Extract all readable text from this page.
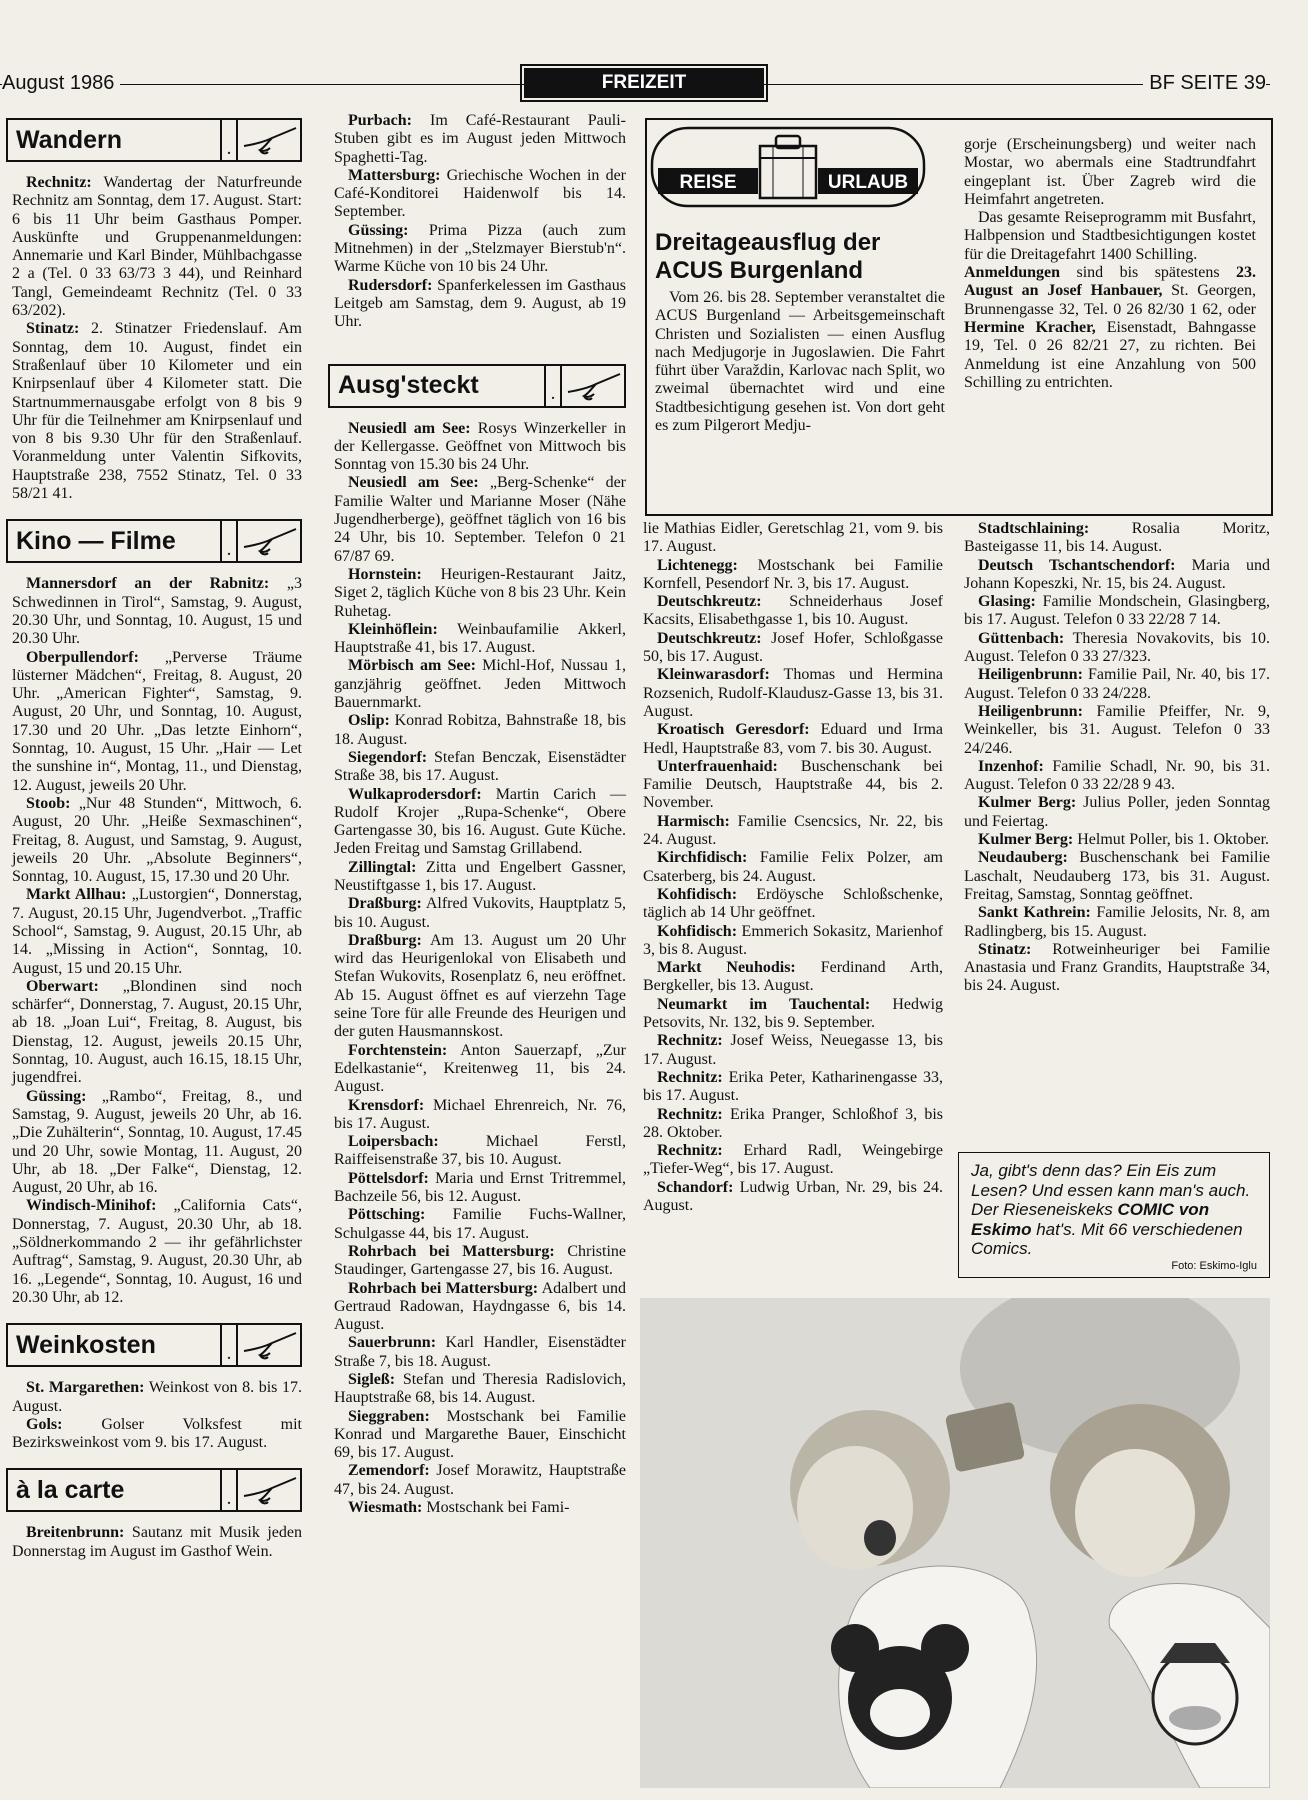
August 1986	FREIZEIT	BF SEITE 39
Wandern	.

Rechnitz: Wandertag der Naturfreunde Rechnitz am Sonntag, dem 17. August. Start: 6 bis 11 Uhr beim Gasthaus Pomper. Auskünfte und Gruppenanmeldungen: Annemarie und Karl Binder, Mühlbachgasse 2 a (Tel. 0 33 63/73 3 44), und Reinhard Tangl, Gemeindeamt Rechnitz (Tel. 0 33 63/202).

Stinatz: 2. Stinatzer Friedenslauf. Am Sonntag, dem 10. August, findet ein Straßenlauf über 10 Kilometer und ein Knirpsenlauf über 4 Kilometer statt. Die Startnummernausgabe erfolgt von 8 bis 9 Uhr für die Teilnehmer am Knirpsenlauf und von 8 bis 9.30 Uhr für den Straßenlauf. Voranmeldung unter Valentin Sifkovits, Hauptstraße 238, 7552 Stinatz, Tel. 0 33 58/21 41.

Kino — Filme	.

Mannersdorf an der Rabnitz: „3 Schwedinnen in Tirol“, Samstag, 9. August, 20.30 Uhr, und Sonntag, 10. August, 15 und 20.30 Uhr.

Oberpullendorf: „Perverse Träume lüsterner Mädchen“, Freitag, 8. August, 20 Uhr. „American Fighter“, Samstag, 9. August, 20 Uhr, und Sonntag, 10. August, 17.30 und 20 Uhr. „Das letzte Einhorn“, Sonntag, 10. August, 15 Uhr. „Hair — Let the sunshine in“, Montag, 11., und Dienstag, 12. August, jeweils 20 Uhr.

Stoob: „Nur 48 Stunden“, Mittwoch, 6. August, 20 Uhr. „Heiße Sexmaschinen“, Freitag, 8. August, und Samstag, 9. August, jeweils 20 Uhr. „Absolute Beginners“, Sonntag, 10. August, 15, 17.30 und 20 Uhr.

Markt Allhau: „Lustorgien“, Donnerstag, 7. August, 20.15 Uhr, Jugendverbot. „Traffic School“, Samstag, 9. August, 20.15 Uhr, ab 14. „Missing in Action“, Sonntag, 10. August, 15 und 20.15 Uhr.

Oberwart: „Blondinen sind noch schärfer“, Donnerstag, 7. August, 20.15 Uhr, ab 18. „Joan Lui“, Freitag, 8. August, bis Dienstag, 12. August, jeweils 20.15 Uhr, Sonntag, 10. August, auch 16.15, 18.15 Uhr, jugendfrei.

Güssing: „Rambo“, Freitag, 8., und Samstag, 9. August, jeweils 20 Uhr, ab 16. „Die Zuhälterin“, Sonntag, 10. August, 17.45 und 20 Uhr, sowie Montag, 11. August, 20 Uhr, ab 18. „Der Falke“, Dienstag, 12. August, 20 Uhr, ab 16.

Windisch-Minihof: „California Cats“, Donnerstag, 7. August, 20.30 Uhr, ab 18. „Söldnerkommando 2 — ihr gefährlichster Auftrag“, Samstag, 9. August, 20.30 Uhr, ab 16. „Legende“, Sonntag, 10. August, 16 und 20.30 Uhr, ab 12.

Weinkosten	.

St. Margarethen: Weinkost von 8. bis 17. August.

Gols: Golser Volksfest mit Bezirksweinkost vom 9. bis 17. August.

à la carte	.

Breitenbrunn: Sautanz mit Musik jeden Donnerstag im August im Gasthof Wein.

Purbach: Im Café-Restaurant Pauli-Stuben gibt es im August jeden Mittwoch Spaghetti-Tag.

Mattersburg: Griechische Wochen in der Café-Konditorei Haidenwolf bis 14. September.

Güssing: Prima Pizza (auch zum Mitnehmen) in der „Stelzmayer Bierstub'n“. Warme Küche von 10 bis 24 Uhr.

Rudersdorf: Spanferkelessen im Gasthaus Leitgeb am Samstag, dem 9. August, ab 19 Uhr.

Ausg'steckt	.

Neusiedl am See: Rosys Winzerkeller in der Kellergasse. Geöffnet von Mittwoch bis Sonntag von 15.30 bis 24 Uhr.

Neusiedl am See: „Berg-Schenke“ der Familie Walter und Marianne Moser (Nähe Jugendherberge), geöffnet täglich von 16 bis 24 Uhr, bis 10. September. Telefon 0 21 67/87 69.

Hornstein: Heurigen-Restaurant Jaitz, Siget 2, täglich Küche von 8 bis 23 Uhr. Kein Ruhetag.

Kleinhöflein: Weinbaufamilie Akkerl, Hauptstraße 41, bis 17. August.

Mörbisch am See: Michl-Hof, Nussau 1, ganzjährig geöffnet. Jeden Mittwoch Bauernmarkt.

Oslip: Konrad Robitza, Bahnstraße 18, bis 18. August.

Siegendorf: Stefan Benczak, Eisenstädter Straße 38, bis 17. August.

Wulkaprodersdorf: Martin Carich — Rudolf Krojer „Rupa-Schenke“, Obere Gartengasse 30, bis 16. August. Gute Küche. Jeden Freitag und Samstag Grillabend.

Zillingtal: Zitta und Engelbert Gassner, Neustiftgasse 1, bis 17. August.

Draßburg: Alfred Vukovits, Hauptplatz 5, bis 10. August.

Draßburg: Am 13. August um 20 Uhr wird das Heurigenlokal von Elisabeth und Stefan Wukovits, Rosenplatz 6, neu eröffnet. Ab 15. August öffnet es auf vierzehn Tage seine Tore für alle Freunde des Heurigen und der guten Hausmannskost.

Forchtenstein: Anton Sauerzapf, „Zur Edelkastanie“, Kreitenweg 11, bis 24. August.

Krensdorf: Michael Ehrenreich, Nr. 76, bis 17. August.

Loipersbach:	Michael Ferstl, Raiffeisenstraße 37, bis 10. August.

Pöttelsdorf: Maria und Ernst Tritremmel, Bachzeile 56, bis 12. August.

Pöttsching: Familie Fuchs-Wallner, Schulgasse 44, bis 17. August.

Rohrbach bei Mattersburg: Christine Staudinger, Gartengasse 27, bis 16. August.

Rohrbach bei Mattersburg: Adalbert und Gertraud Radowan, Haydngasse 6, bis 14. August.

Sauerbrunn: Karl Handler, Eisenstädter Straße 7, bis 18. August.

Sigleß: Stefan und Theresia Radislovich, Hauptstraße 68, bis 14. August.

Sieggraben: Mostschank bei Familie Konrad und Margarethe Bauer, Einschicht 69, bis 17. August.

Zemendorf: Josef Morawitz, Hauptstraße 47, bis 24. August.

Wiesmath: Mostschank bei Fami-

REISE	URLAUB
Dreitageausflug der ACUS Burgenland

Vom 26. bis 28. September veranstaltet die ACUS Burgenland — Arbeitsgemeinschaft Christen und Sozialisten — einen Ausflug nach Medjugorje in Jugoslawien. Die Fahrt führt über Varaždin, Karlovac nach Split, wo zweimal übernachtet wird und eine Stadtbesichtigung gesehen ist. Von dort geht es zum Pilgerort Medju-

gorje (Erscheinungsberg) und weiter nach Mostar, wo abermals eine Stadtrundfahrt eingeplant ist. Über Zagreb wird die Heimfahrt angetreten.

Das gesamte Reiseprogramm mit Busfahrt, Halbpension und Stadtbesichtigungen kostet für die Dreitagefahrt 1400 Schilling.

Anmeldungen sind bis spätestens 23. August an Josef Hanbauer, St. Georgen, Brunnengasse 32, Tel. 0 26 82/30 1 62, oder Hermine Kracher, Eisenstadt, Bahngasse 19, Tel. 0 26 82/21 27, zu richten. Bei Anmeldung ist eine Anzahlung von 500 Schilling zu entrichten.

lie Mathias Eidler, Geretschlag 21, vom 9. bis 17. August.

Lichtenegg: Mostschank bei Familie Kornfell, Pesendorf Nr. 3, bis 17. August.

Deutschkreutz: Schneiderhaus Josef Kacsits, Elisabethgasse 1, bis 10. August.

Deutschkreutz: Josef Hofer, Schloßgasse 50, bis 17. August.

Kleinwarasdorf: Thomas und Hermina Rozsenich, Rudolf-Klaudusz-Gasse 13, bis 31. August.

Kroatisch Geresdorf: Eduard und Irma Hedl, Hauptstraße 83, vom 7. bis 30. August.

Unterfrauenhaid: Buschenschank bei Familie Deutsch, Hauptstraße 44, bis 2. November.

Harmisch: Familie Csencsics, Nr. 22, bis 24. August.

Kirchfidisch: Familie Felix Polzer, am Csaterberg, bis 24. August.

Kohfidisch: Erdöysche Schloßschenke, täglich ab 14 Uhr geöffnet.

Kohfidisch: Emmerich Sokasitz, Marienhof 3, bis 8. August.

Markt Neuhodis: Ferdinand Arth, Bergkeller, bis 13. August.

Neumarkt im Tauchental: Hedwig Petsovits, Nr. 132, bis 9. September.

Rechnitz: Josef Weiss, Neuegasse 13, bis 17. August.

Rechnitz: Erika Peter, Katharinengasse 33, bis 17. August.

Rechnitz: Erika Pranger, Schloßhof 3, bis 28. Oktober.

Rechnitz: Erhard Radl, Weingebirge „Tiefer-Weg“, bis 17. August.

Schandorf: Ludwig Urban, Nr. 29, bis 24. August.

Stadtschlaining:	Rosalia Moritz, Basteigasse 11, bis 14. August.

Deutsch Tschantschendorf: Maria und Johann Kopeszki, Nr. 15, bis 24. August.

Glasing: Familie Mondschein, Glasingberg, bis 17. August. Telefon 0 33 22/28 7 14.

Güttenbach: Theresia Novakovits, bis 10. August. Telefon 0 33 27/323.

Heiligenbrunn: Familie Pail, Nr. 40, bis 17. August. Telefon 0 33 24/228.

Heiligenbrunn: Familie Pfeiffer, Nr. 9, Weinkeller, bis 31. August. Telefon 0 33 24/246.

Inzenhof: Familie Schadl, Nr. 90, bis 31. August. Telefon 0 33 22/28 9 43.

Kulmer Berg: Julius Poller, jeden Sonntag und Feiertag.

Kulmer Berg: Helmut Poller, bis 1. Oktober.

Neudauberg: Buschenschank bei Familie Laschalt, Neudauberg 173, bis 31. August. Freitag, Samstag, Sonntag geöffnet.

Sankt Kathrein: Familie Jelosits, Nr. 8, am Radlingberg, bis 15. August.

Stinatz: Rotweinheuriger bei Familie Anastasia und Franz Grandits, Hauptstraße 34, bis 24. August.

Ja, gibt's denn das? Ein Eis zum Lesen? Und essen kann man's auch. Der Rieseneiskeks COMIC von Eskimo hat's. Mit 66 verschiedenen Comics.
Foto: Eskimo-Iglu
